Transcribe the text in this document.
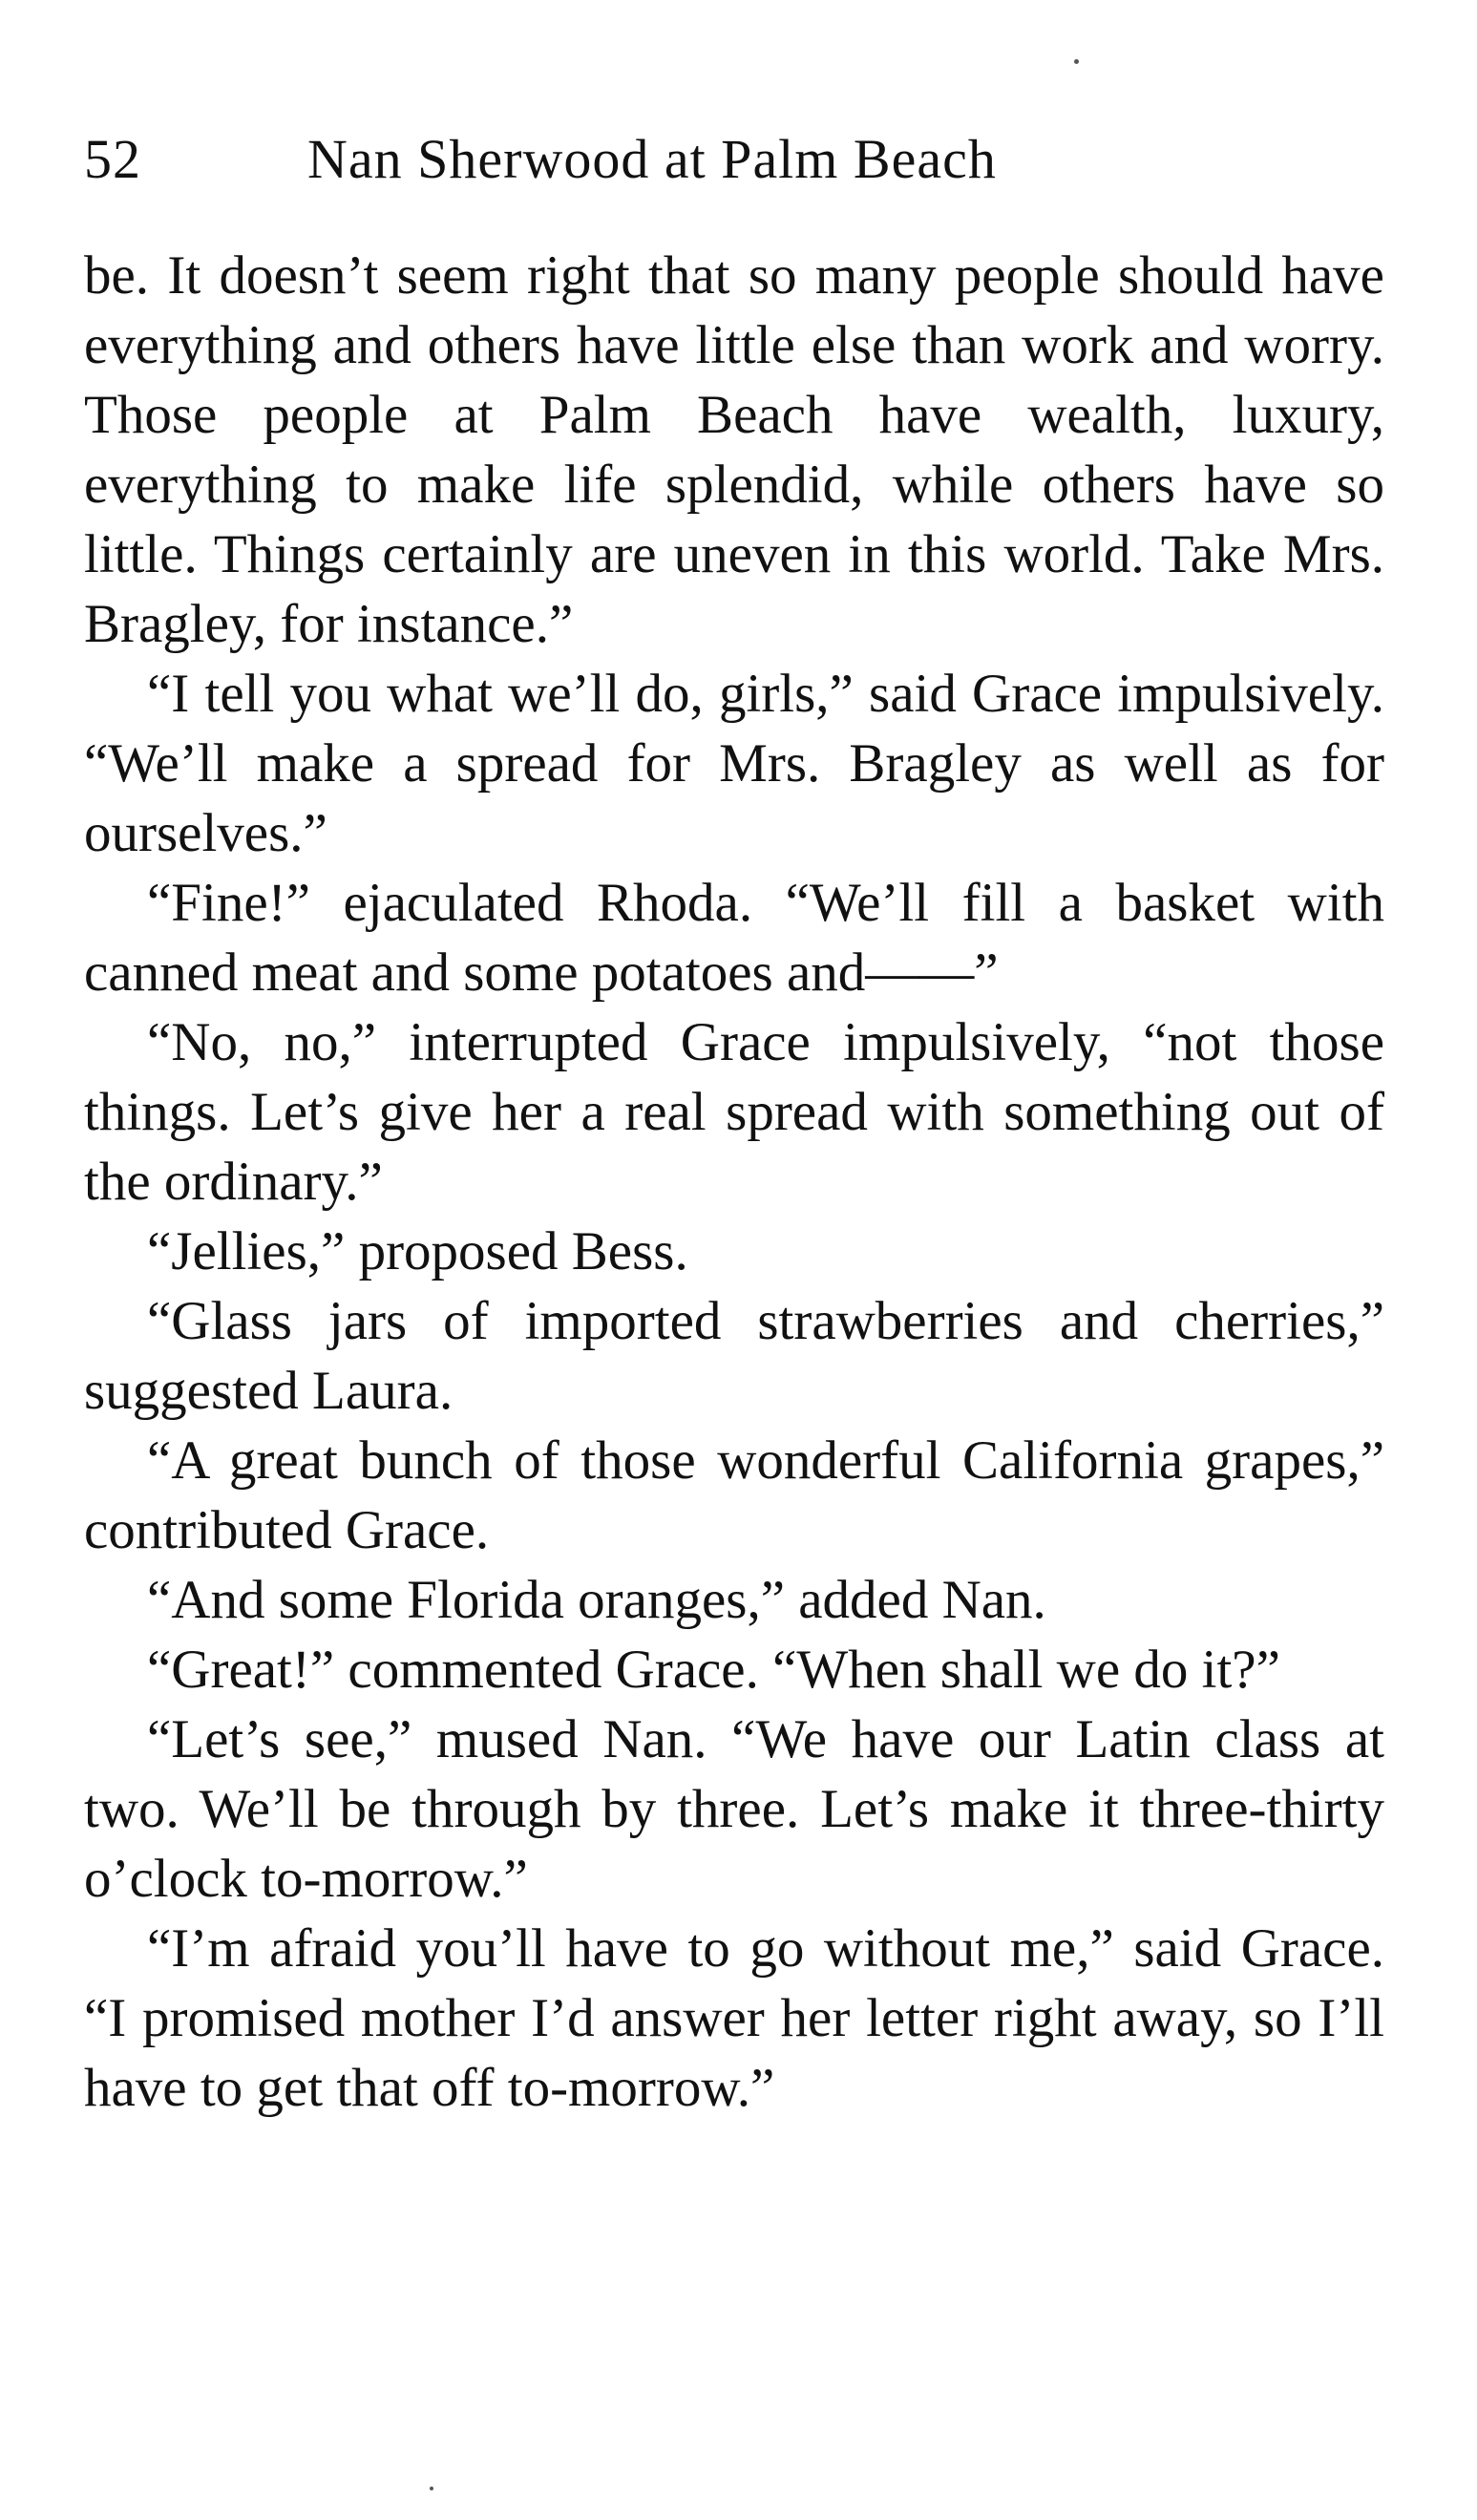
52	Nan Sherwood at Palm Beach

be. It doesn’t seem right that so many people should have everything and others have little else than work and worry. Those people at Palm Beach have wealth, luxury, everything to make life splendid, while others have so little. Things certainly are uneven in this world. Take Mrs. Bragley, for instance.”

“I tell you what we’ll do, girls,” said Grace impulsively. “We’ll make a spread for Mrs. Bragley as well as for ourselves.”

“Fine!” ejaculated Rhoda. “We’ll fill a basket with canned meat and some potatoes and——”

“No, no,” interrupted Grace impulsively, “not those things. Let’s give her a real spread with something out of the ordinary.”

“Jellies,” proposed Bess.

“Glass jars of imported strawberries and cherries,” suggested Laura.

“A great bunch of those wonderful California grapes,” contributed Grace.

“And some Florida oranges,” added Nan.

“Great!” commented Grace. “When shall we do it?”

“Let’s see,” mused Nan. “We have our Latin class at two. We’ll be through by three. Let’s make it three-thirty o’clock to-morrow.”

“I’m afraid you’ll have to go without me,” said Grace. “I promised mother I’d answer her letter right away, so I’ll have to get that off to-morrow.”
